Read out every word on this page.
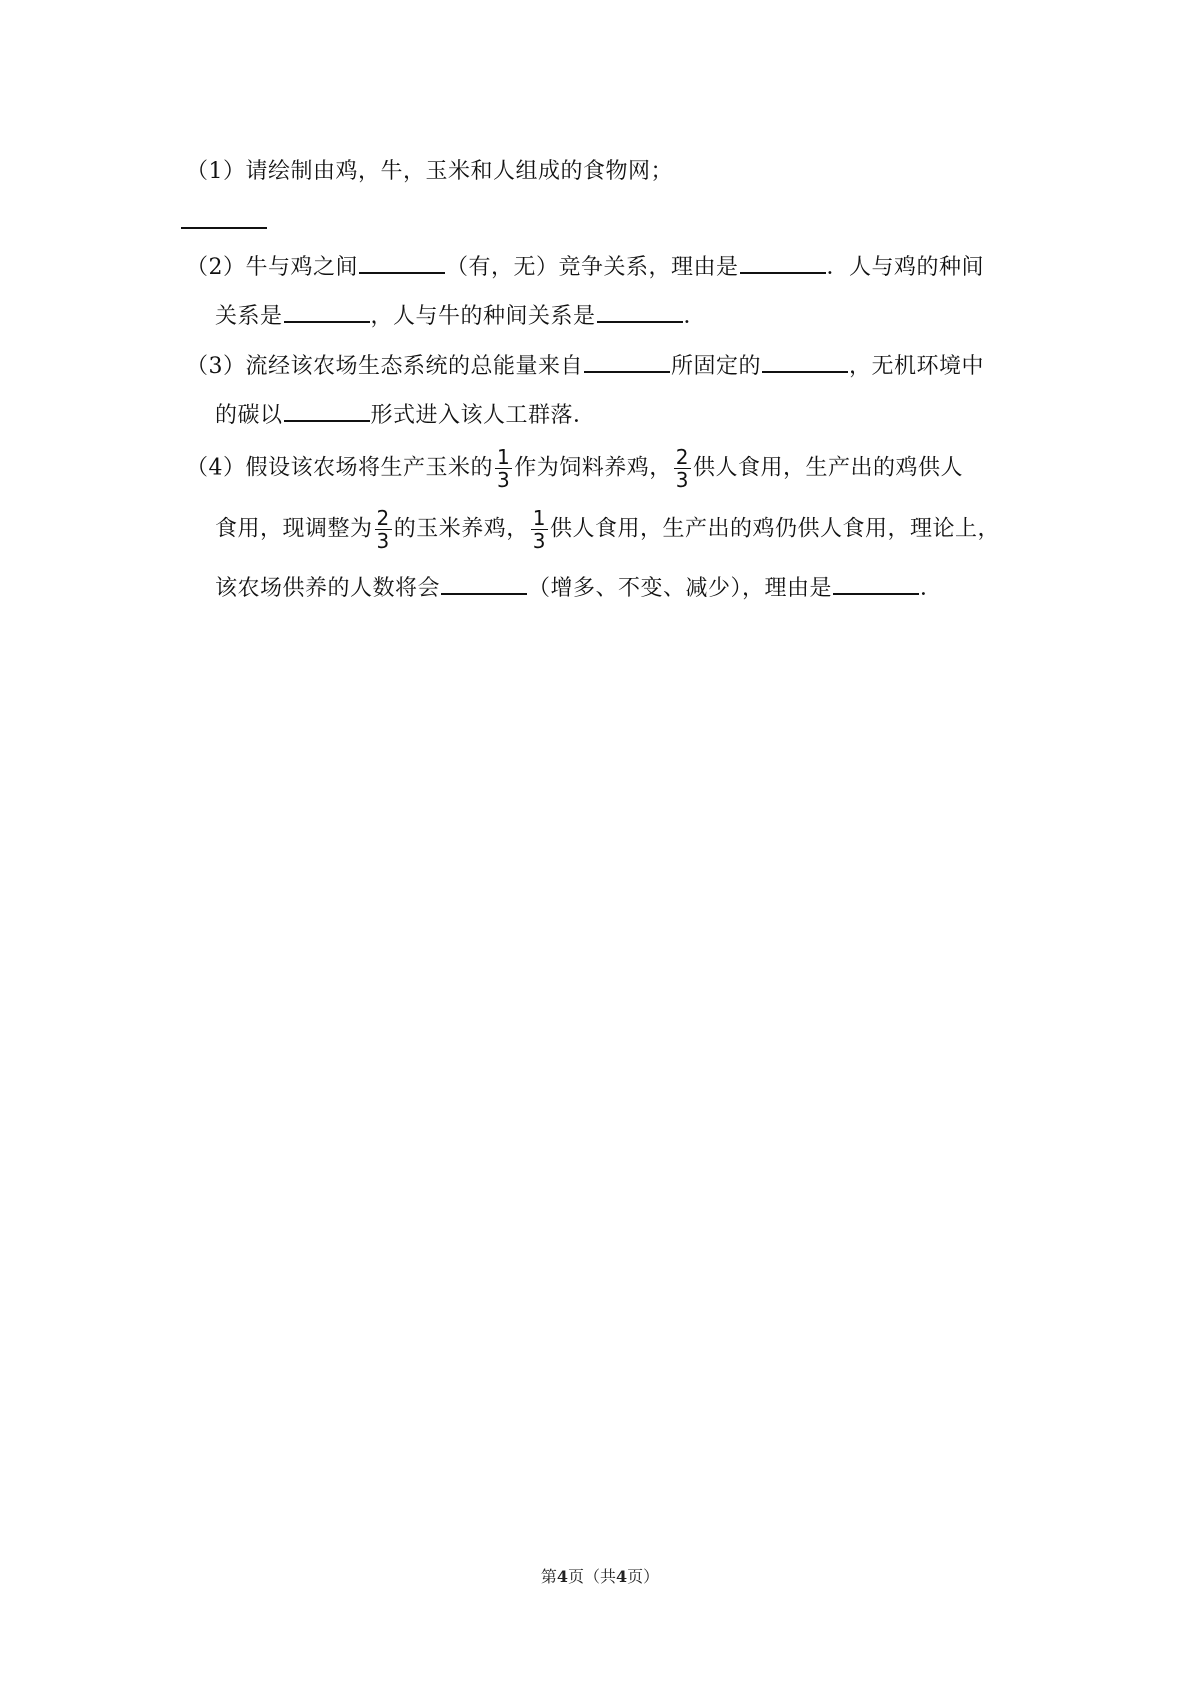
（1）请绘制由鸡，牛，玉米和人组成的食物网；
（2）牛与鸡之间	（有，无）竞争关系，理由是	．人与鸡的种间
关系是	，人与牛的种间关系是	．
（3）流经该农场生态系统的总能量来自	所固定的	，无机环境中
的碳以	形式进入该人工群落．
（4）假设该农场将生产玉米的 $\frac{1}{3}$ 作为饲料养鸡， $\frac{2}{3}$ 供人食用，生产出的鸡供人
食用，现调整为 $\frac{2}{3}$ 的玉米养鸡， $\frac{1}{3}$ 供人食用，生产出的鸡仍供人食用，理论上，
该农场供养的人数将会	（增多、不变、减少），理由是	．
第4页（共4页）
